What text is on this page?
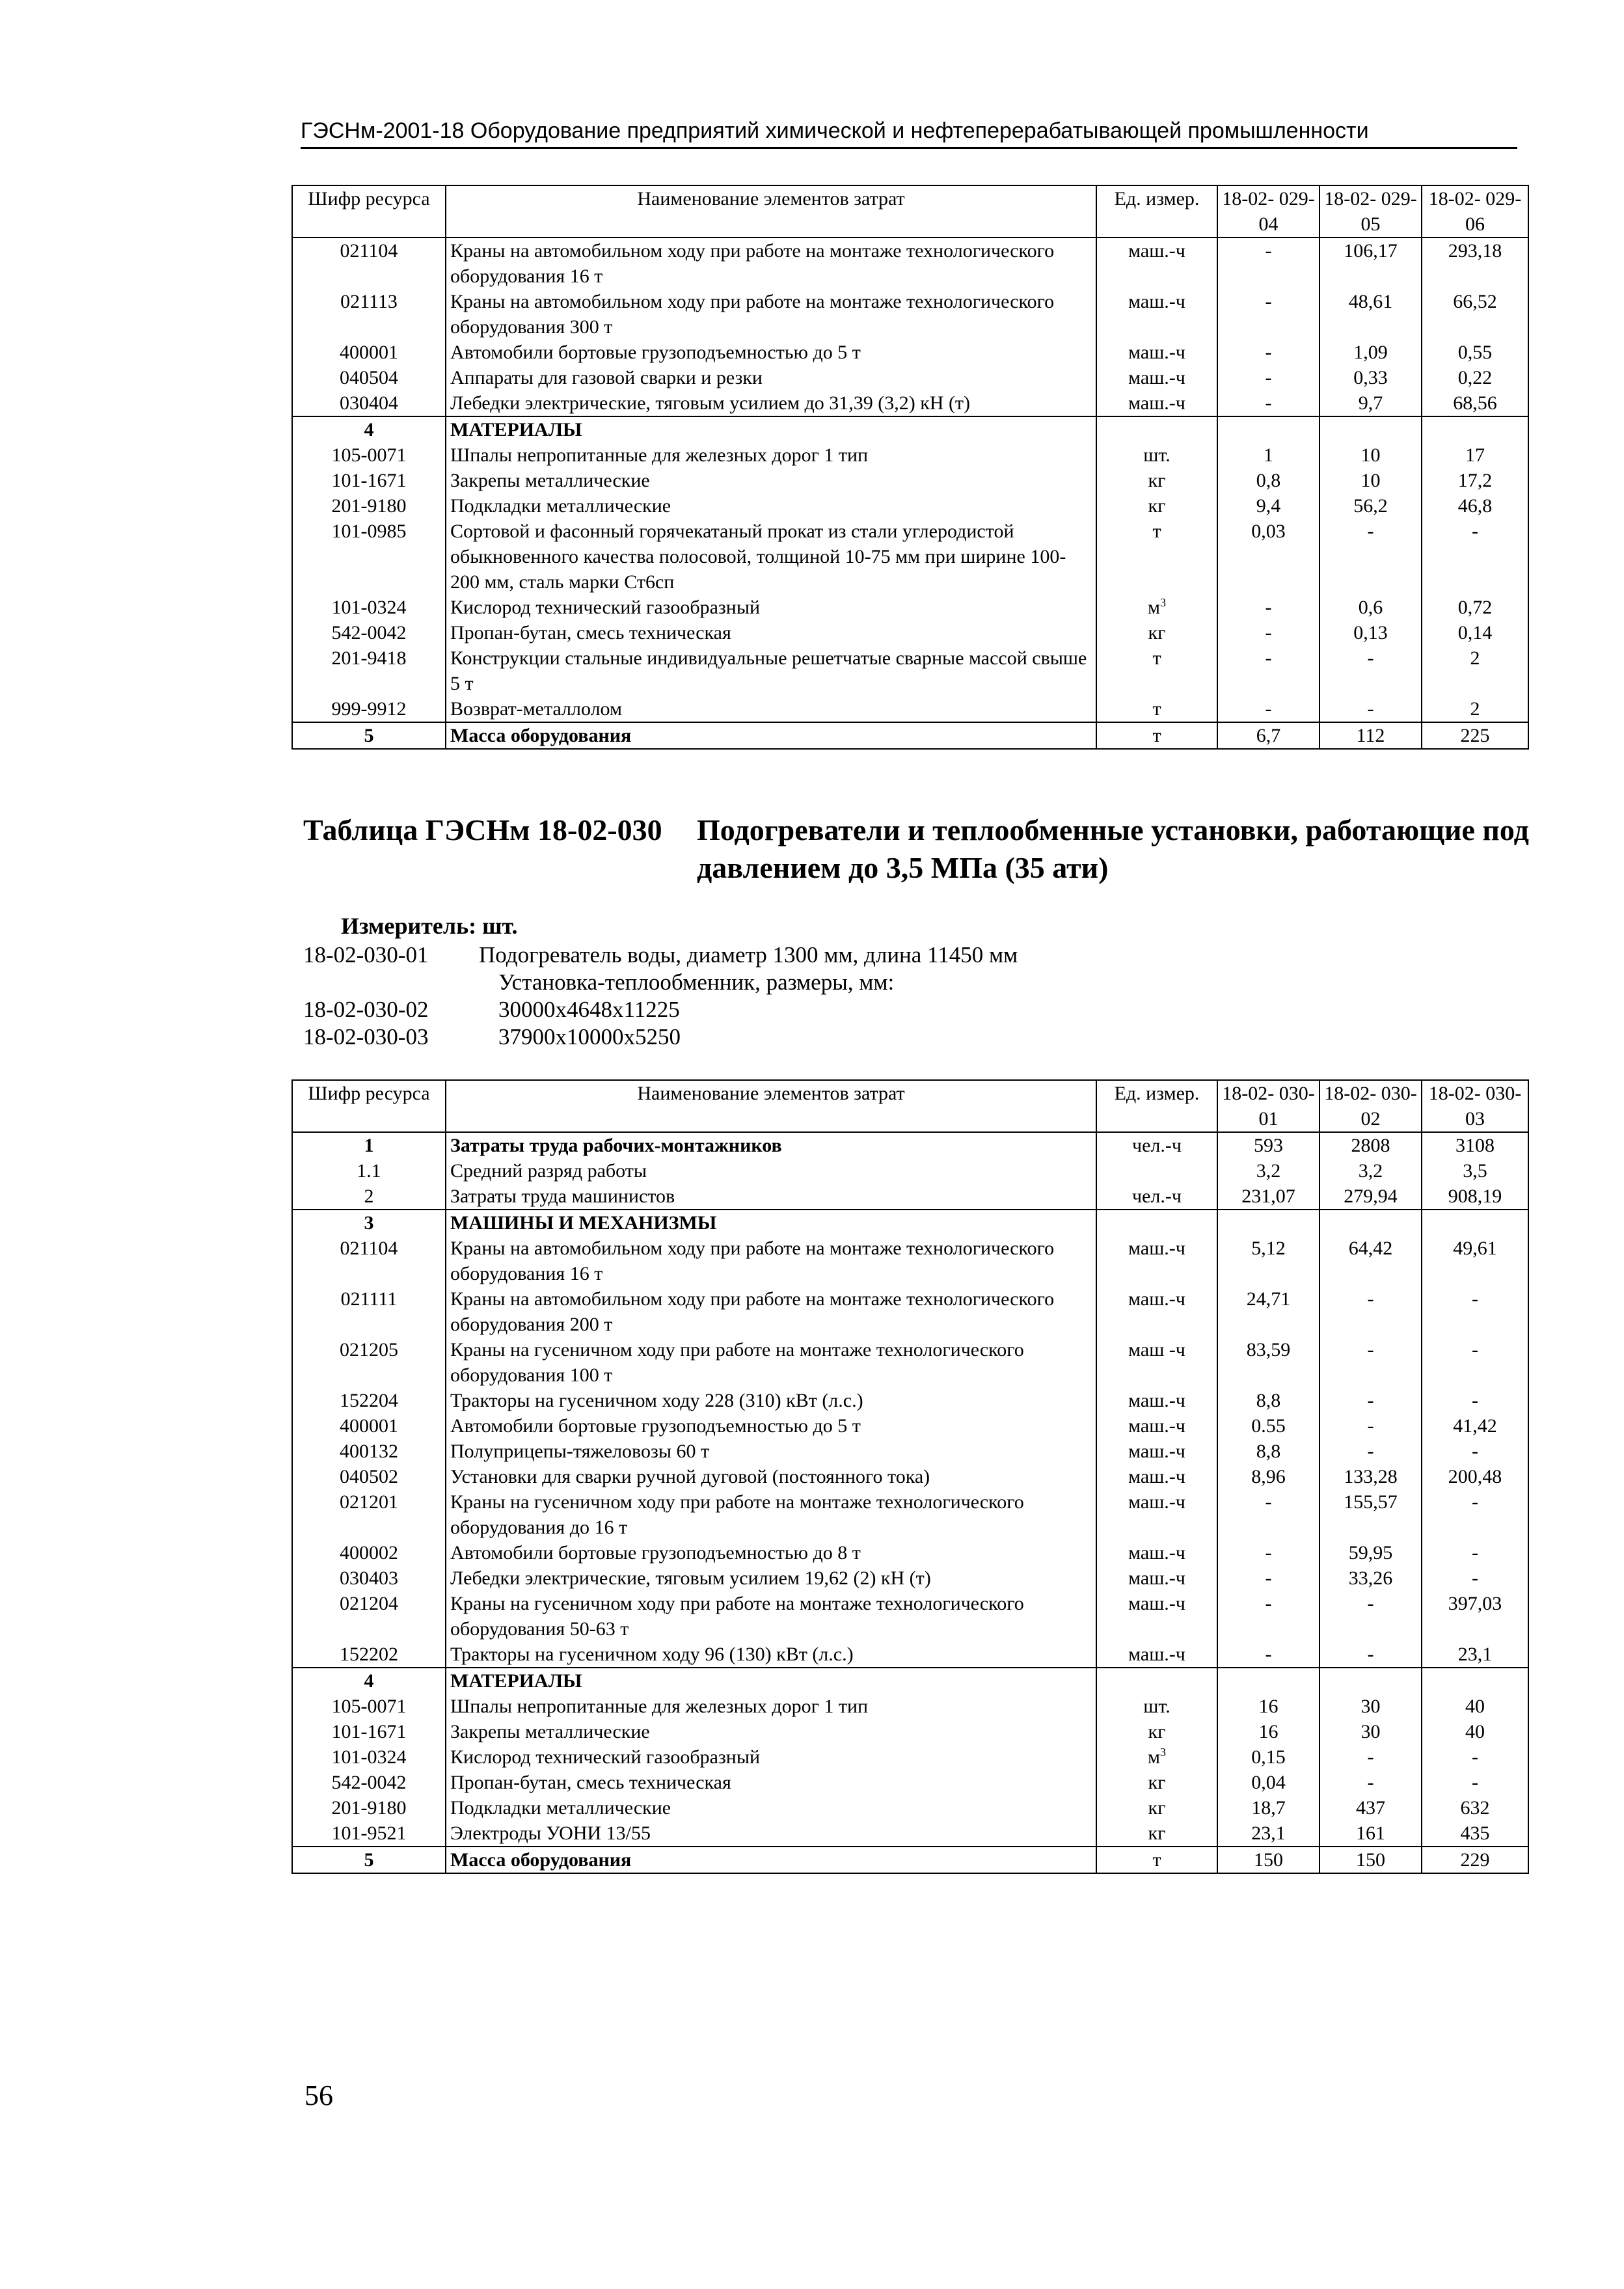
ГЭСНм-2001-18 Оборудование предприятий химической и нефтеперерабатывающей промышленности
Шифр ресурса	Наименование элементов затрат	Ед. измер.	18-02- 029-04	18-02- 029-05	18-02- 029-06
021104	Краны на автомобильном ходу при работе на монтаже технологического оборудования 16 т	маш.-ч	-	106,17	293,18
021113	Краны на автомобильном ходу при работе на монтаже технологического оборудования 300 т	маш.-ч	-	48,61	66,52
400001	Автомобили бортовые грузоподъемностью до 5 т	маш.-ч	-	1,09	0,55
040504	Аппараты для газовой сварки и резки	маш.-ч	-	0,33	0,22
030404	Лебедки электрические, тяговым усилием до 31,39 (3,2) кН (т)	маш.-ч	-	9,7	68,56
4	МАТЕРИАЛЫ				
105-0071	Шпалы непропитанные для железных дорог 1 тип	шт.	1	10	17
101-1671	Закрепы металлические	кг	0,8	10	17,2
201-9180	Подкладки металлические	кг	9,4	56,2	46,8
101-0985	Сортовой и фасонный горячекатаный прокат из стали углеродистой обыкновенного качества полосовой, толщиной 10-75 мм при ширине 100-200 мм, сталь марки Ст6сп	т	0,03	-	-
101-0324	Кислород технический газообразный	$м^3$	-	0,6	0,72
542-0042	Пропан-бутан, смесь техническая	кг	-	0,13	0,14
201-9418	Конструкции стальные индивидуальные решетчатые сварные массой свыше 5 т	т	-	-	2
999-9912	Возврат-металлолом	т	-	-	2
5	Масса оборудования	т	6,7	112	225
Таблица ГЭСНм 18-02-030 Подогреватели и теплообменные установки, работающие под давлением до 3,5 МПа (35 ати)
Измеритель: шт.
18-02-030-01 Подогреватель воды, диаметр 1300 мм, длина 11450 мм
Установка-теплообменник, размеры, мм:
18-02-030-02	30000x4648x11225
18-02-030-03	37900x10000x5250
Шифр ресурса	Наименование элементов затрат	Ед. измер.	18-02- 030-01	18-02- 030-02	18-02- 030-03
1	Затраты труда рабочих-монтажников	чел.-ч	593	2808	3108
1.1	Средний разряд работы		3,2	3,2	3,5
2	Затраты труда машинистов	чел.-ч	231,07	279,94	908,19
3	МАШИНЫ И МЕХАНИЗМЫ				
021104	Краны на автомобильном ходу при работе на монтаже технологического оборудования 16 т	маш.-ч	5,12	64,42	49,61
021111	Краны на автомобильном ходу при работе на монтаже технологического оборудования 200 т	маш.-ч	24,71	-	-
021205	Краны на гусеничном ходу при работе на монтаже технологического оборудования 100 т	маш -ч	83,59	-	-
152204	Тракторы на гусеничном ходу 228 (310) кВт (л.с.)	маш.-ч	8,8	-	-
400001	Автомобили бортовые грузоподъемностью до 5 т	маш.-ч	0.55	-	41,42
400132	Полуприцепы-тяжеловозы 60 т	маш.-ч	8,8	-	-
040502	Установки для сварки ручной дуговой (постоянного тока)	маш.-ч	8,96	133,28	200,48
021201	Краны на гусеничном ходу при работе на монтаже технологического оборудования до 16 т	маш.-ч	-	155,57	-
400002	Автомобили бортовые грузоподъемностью до 8 т	маш.-ч	-	59,95	-
030403	Лебедки электрические, тяговым усилием 19,62 (2) кН (т)	маш.-ч	-	33,26	-
021204	Краны на гусеничном ходу при работе на монтаже технологического оборудования 50-63 т	маш.-ч	-	-	397,03
152202	Тракторы на гусеничном ходу 96 (130) кВт (л.с.)	маш.-ч	-	-	23,1
4	МАТЕРИАЛЫ				
105-0071	Шпалы непропитанные для железных дорог 1 тип	шт.	16	30	40
101-1671	Закрепы металлические	кг	16	30	40
101-0324	Кислород технический газообразный	$м^3$	0,15	-	-
542-0042	Пропан-бутан, смесь техническая	кг	0,04	-	-
201-9180	Подкладки металлические	кг	18,7	437	632
101-9521	Электроды УОНИ 13/55	кг	23,1	161	435
5	Масса оборудования	т	150	150	229
56
